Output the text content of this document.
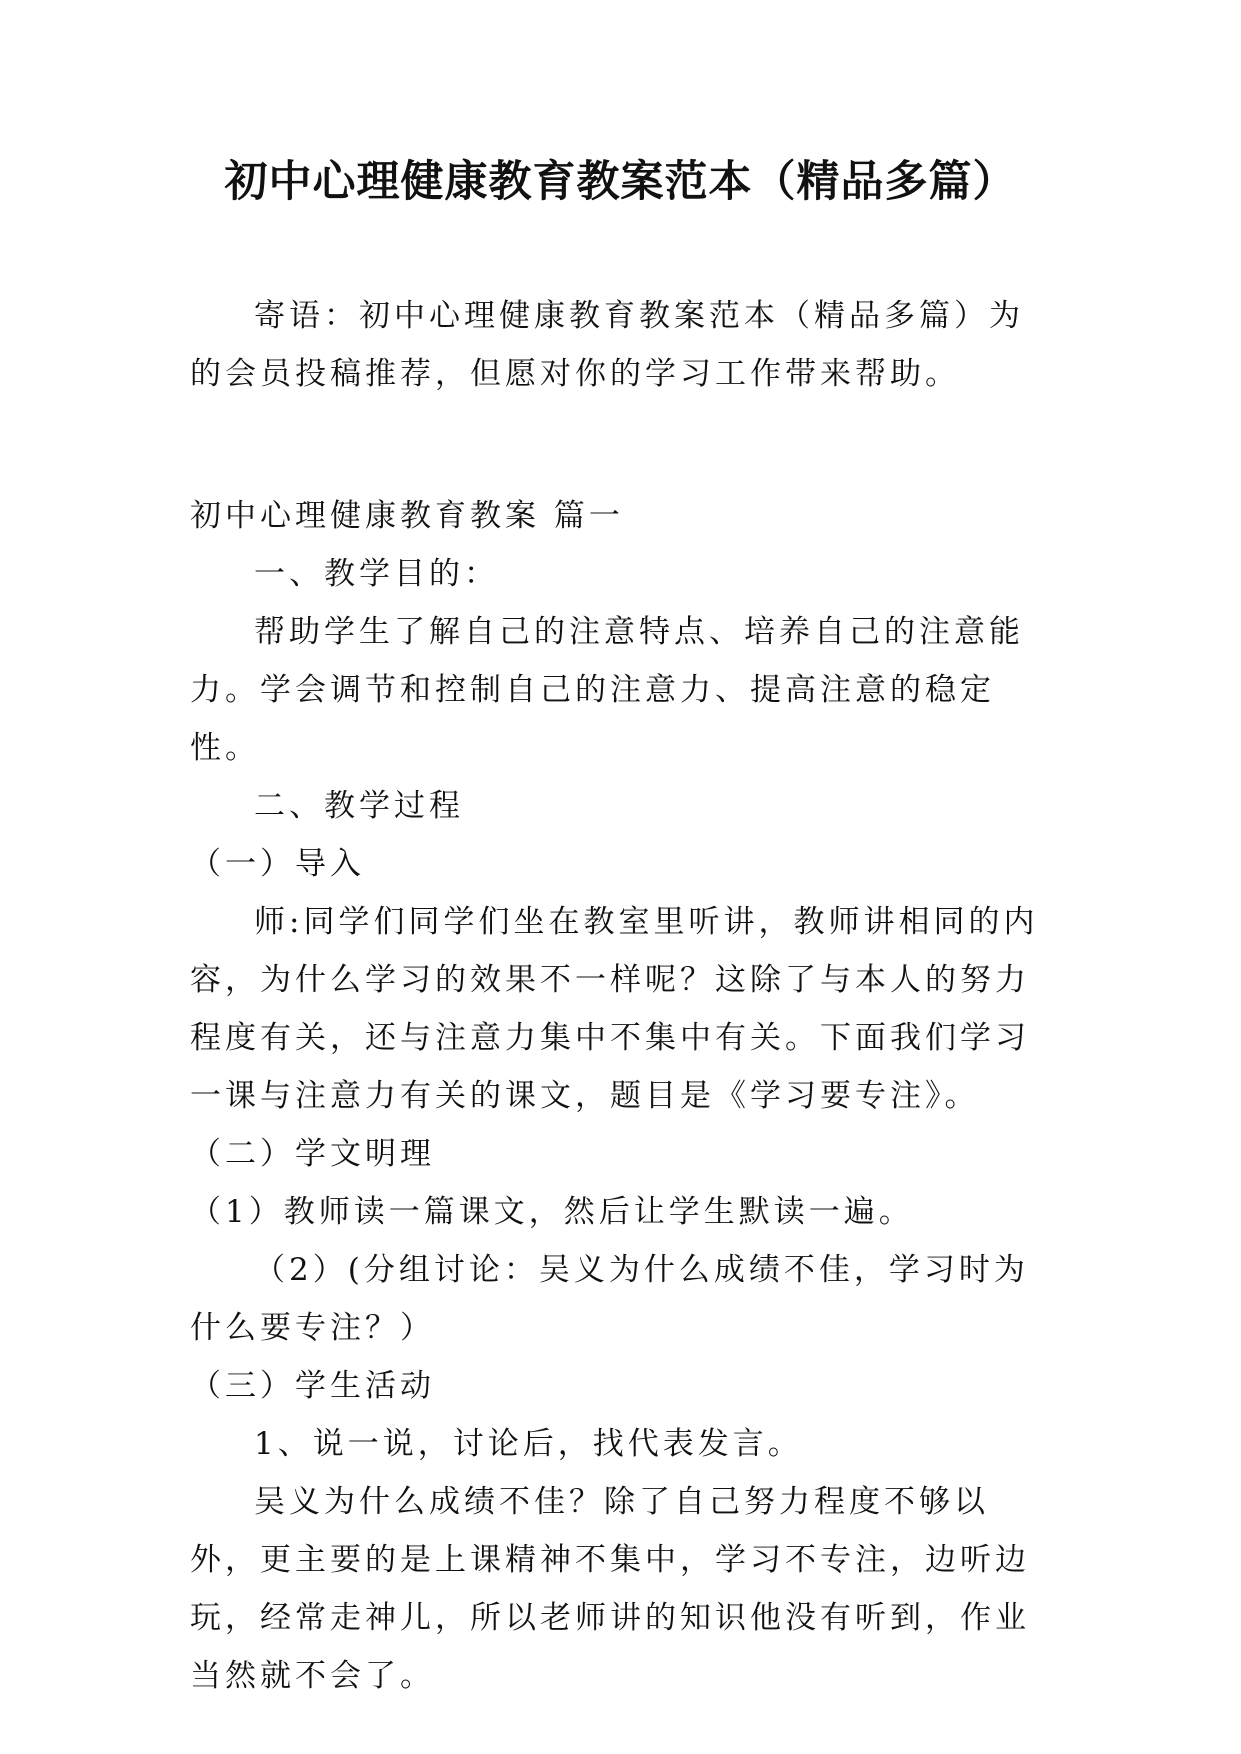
初中心理健康教育教案范本（精品多篇）

寄语：初中心理健康教育教案范本（精品多篇）为的会员投稿推荐，但愿对你的学习工作带来帮助。

初中心理健康教育教案 篇一

一、教学目的：

帮助学生了解自己的注意特点、培养自己的注意能力。学会调节和控制自己的注意力、提高注意的稳定性。

二、教学过程

（一）导入

师:同学们同学们坐在教室里听讲，教师讲相同的内容，为什么学习的效果不一样呢？这除了与本人的努力程度有关，还与注意力集中不集中有关。下面我们学习一课与注意力有关的课文，题目是《学习要专注》。

（二）学文明理

（1）教师读一篇课文，然后让学生默读一遍。

（2）(分组讨论：吴义为什么成绩不佳，学习时为什么要专注？）

（三）学生活动

1、说一说，讨论后，找代表发言。

吴义为什么成绩不佳？除了自己努力程度不够以外，更主要的是上课精神不集中，学习不专注，边听边玩，经常走神儿，所以老师讲的知识他没有听到，作业当然就不会了。
